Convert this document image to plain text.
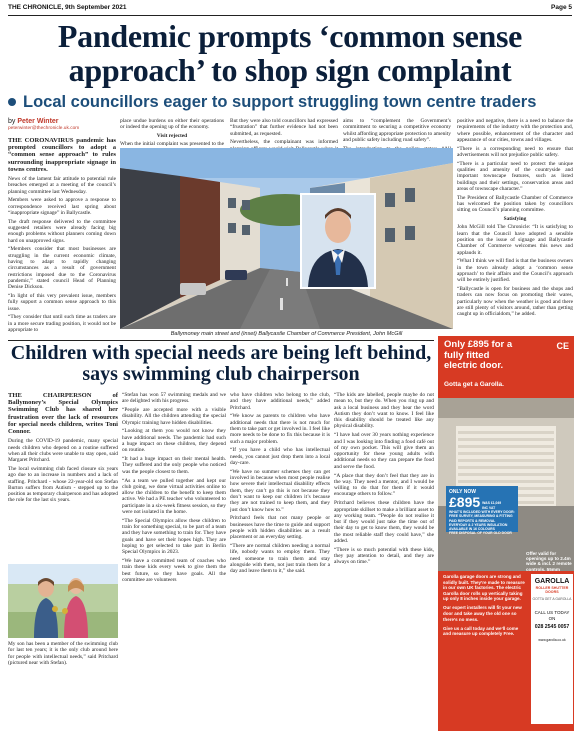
THE CHRONICLE, 9th September 2021	Page 5
Pandemic prompts ‘common sense approach’ to shop sign complaint
Local councillors eager to support struggling town centre traders
by Peter Winter
peterwinter@thechronicle.uk.com

THE CORONAVIRUS pandemic has prompted councillors to adopt a “common sense approach” to rules surrounding inappropriate signage in towns centres.

News of the lament fair attitude to potential rule breaches emerged at a meeting of the council’s planning committee last Wednesday.

Members were asked to approve a response to correspondence received last spring about “inappropriate signage” in Ballycastle.

The draft response delivered to the committee suggested retailers were already facing big enough problems without planners coming down hard on unapproved signs.

“Members consider that most businesses are struggling in the current economic climate, having to adapt to rapidly changing circumstances as a result of government restrictions imposed due to the Coronavirus pandemic,” stated council Head of Planning Denise Dickson.

“In light of this very prevalent issue, members fully support a common sense approach to this issue.

“They consider that until such time as traders are in a more secure trading position, it would not be appropriate to

place undue burdens on either their operations or indeed the opening up of the economy.

Visit rejected

When the initial complaint was presented to the

But they were also told councillors had expressed “frustration” that further evidence had not been submitted, as requested.

Nevertheless, the complainant was informed

aims to “complement the Government’s commitment to securing a competitive economy whilst affording appropriate protection to amenity and public safety including road safety”.

positive and negative, there is a need to balance the requirements of the industry with the protection and, where possible, enhancement of the character and appearance of our cities, towns and villages.

“There is a corresponding need to ensure that advertisements will not prejudice public safety.

“There is a particular need to protect the unique qualities and amenity of the countryside and important townscape features, such as listed buildings and their settings, conservation areas and areas of townscape character.”

The President of Ballycastle Chamber of Commerce has welcomed the position taken by councillors sitting on Council’s planning committee.

Satisfying

John McGill told The Chronicle: “It is satisfying to learn that the Council have adopted a sensible position on the issue of signage and Ballycastle Chamber of Commerce welcomes this news and applauds it.

“What I think we will find is that the business owners in the town already adopt a ‘common sense approach’ to their affairs and the Council’s approach will be entirely justified.

“Ballycastle is open for business and the shops and traders can now focus on promoting their wares, particularly now when the weather is good and there are still plenty of visitors around, rather than getting caught up in officialdom,” he added.

Ballymoney main street and (inset) Ballycastle Chamber of Commerce President, John McGill
Children with special needs are being left behind, says swimming club chairperson

THE CHAIRPERSON of Ballymoney’s Special Olympics Swimming Club has shared her frustration over the lack of resources for special needs children, writes Toni Connor.

During the COVID-19 pandemic, many special needs children who depend on a routine suffered when all their clubs were unable to stay open, said Margaret Pritchard.

The local swimming club faced closure six years ago due to an increase in numbers and a lack of staffing. Pritchard - whose 22-year-old son Stefan Burton suffers from Autism - stepped up to the position as temporary chairperson and has adopted the role for the last six years.

My son has been a member of the swimming club for last ten years; it is the only club around here for people with intellectual needs,” said Pritchard (pictured near with Stefan).

“Stefan has won 57 swimming medals and we are delighted with his progress.

“People are accepted more with a visible disability. All the children attending the special Olympic training have hidden disabilities.

“Looking at them you would not know they have additional needs. The pandemic had such a huge impact on these children, they depend on routine.

“It had a huge impact on their mental health. They suffered and the only people who noticed was the people closest to them.

“As a team we pulled together and kept our club going, we done virtual activities online to allow the children to the benefit to keep them active. We had a PE teacher who volunteered to participate in a six-week fitness session, so they were not isolated in the home.

“The Special Olympics allow these children to train for something special, to be part of a team and they have something to train for. They have goals and have set their hopes high. They are hoping to get selected to take part in Berlin Special Olympics in 2023.

“We have a committed team of coaches who train these kids every week to give them the best future, so they have goals. All the committee are volunteers

who have children who belong to the club, and they have additional needs,” added Pritchard.

“We know as parents to children who have additional needs that there is not much for them to take part or get involved in. I feel like more needs to be done to fix this because it is such a major problem.

“If you have a child who has intellectual needs, you cannot just drop them into a local day-care.

“We have no summer schemes they can get involved in because when most people realise how severe their intellectual disability effects them, they can’t go this is not because they don’t want to keep our children it’s because they are not trained to keep them, and they just don’t know how to.”

Pritchard feels that not many people or businesses have the time to guide and support people with hidden disabilities as a result placement or an everyday setting.

“There are normal children needing a normal life, nobody wants to employ them. They need someone to train them and stay alongside with them, not just train them for a day and leave them to it,” she said.

“The kids are labelled, people maybe do not mean to, but they do. When you ring up and ask a local business and they hear the word Autism they don’t want to know. I feel like this disability should be treated like any physical disability.

“I have had over 30 years nothing experience and I was looking into finding a food café out of my own pocket. This will give them an opportunity for these young adults with additional needs so they can prepare the food and serve the food.

“A place that they don’t feel that they are in the way. They need a mentor, and I would be willing to do that for them if it would encourage others to follow.”

Pritchard believes these children have the appropriate skillset to make a brilliant asset to any working team. “People do not realise it but if they would just take the time out of their day to get to know them, they would be the most reliable staff they could have,” she added.

“There is so much potential with these kids, they pay attention to detail, and they are always on time.”

Only £895 for a fully fitted electric door.
Gotta get a Garolla.
CE
ONLY NOW
£895 WAS £1,049 INC VAT
WHAT’S INCLUDED WITH EVERY DOOR:
FREE SURVEY, MEASURING & FITTING
PAID REPORTS & REMOVAL
EVERYDAY & 2 YEARS INSULATION
AVAILABLE IN 16 COLOURS
FREE DISPOSAL OF YOUR OLD DOOR
Offer valid for openings up to 2.4m wide & incl. 2 remote controls, 55mm

Garolla garage doors are strong and solidly built. They’re made to measure in our own UK factories. The electric Garolla door rolls up vertically taking up only 8 inches inside your garage.

Our expert installers will fit your new door and take away the old one so there’s no mess.

Give us a call today and we’ll come and measure up completely Free.

GAROLLA
ROLLER SHUTTER DOORS
GOTTA GET A GAROLLA
CALL US TODAY ON
028 2545 0057
www.garolla.co.uk
